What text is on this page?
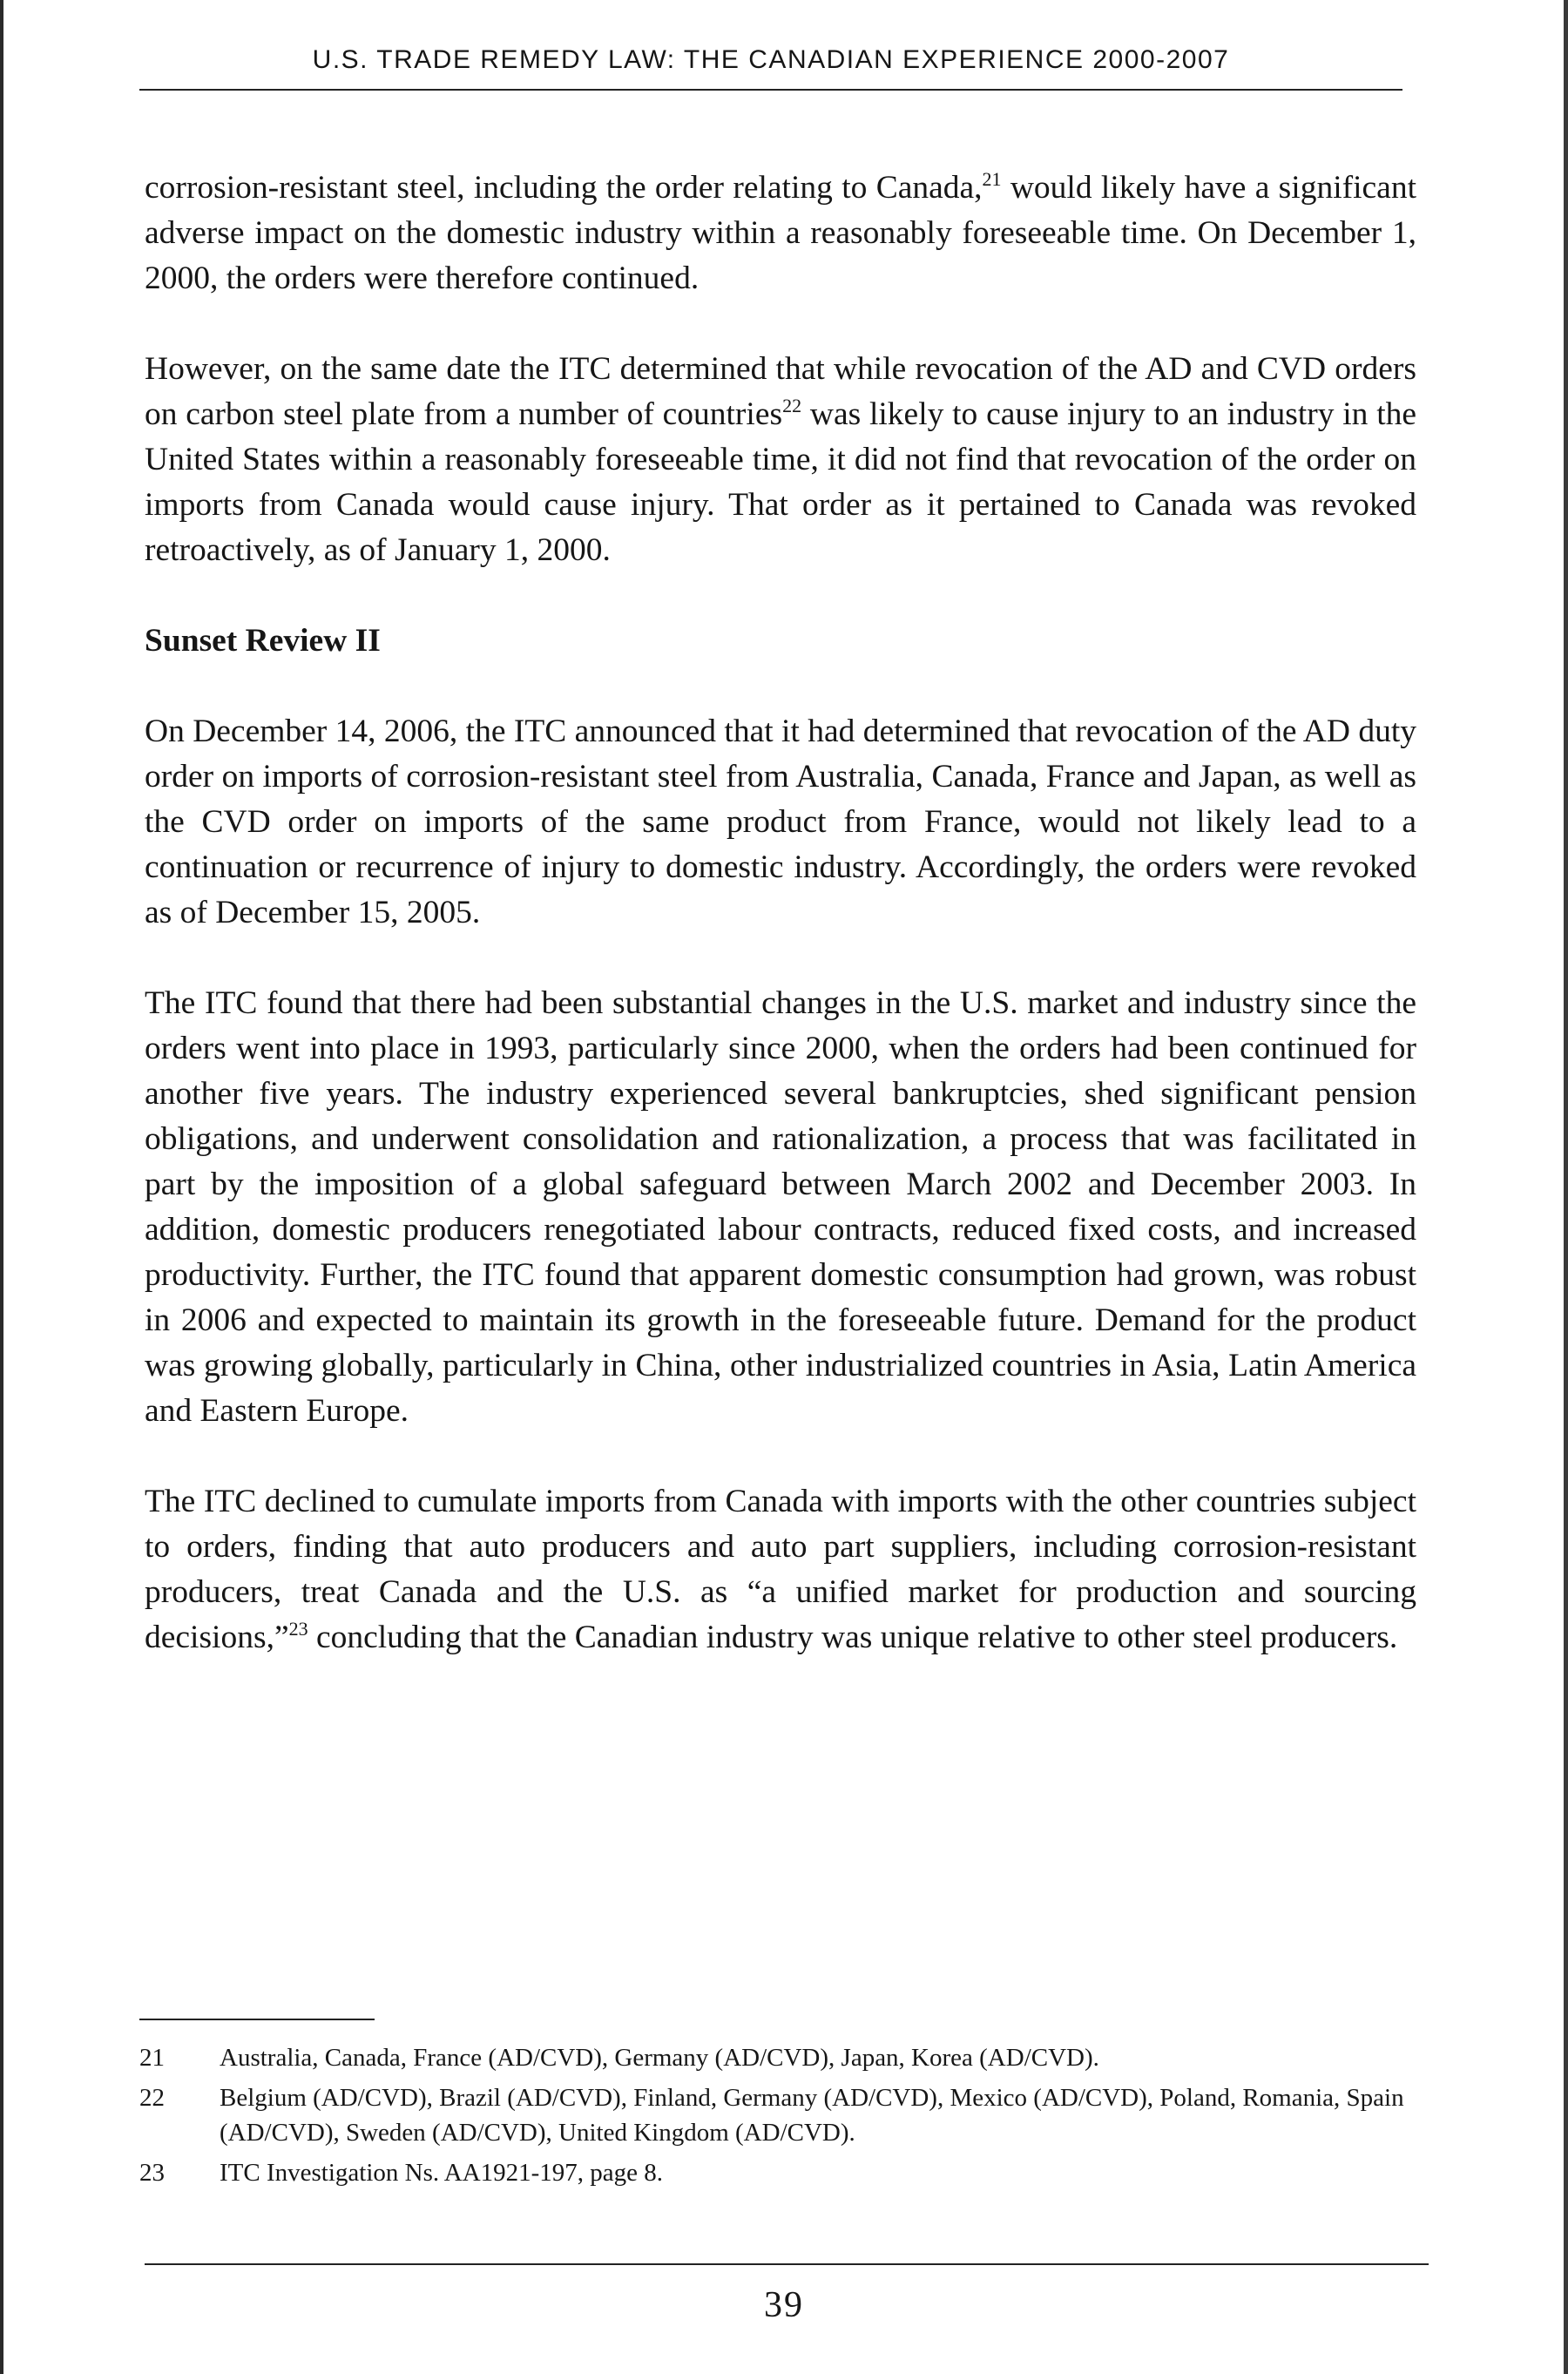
U.S. TRADE REMEDY LAW: THE CANADIAN EXPERIENCE 2000-2007

corrosion-resistant steel, including the order relating to Canada,$^{21}$ would likely have a significant adverse impact on the domestic industry within a reasonably foreseeable time. On December 1, 2000, the orders were therefore continued.

However, on the same date the ITC determined that while revocation of the AD and CVD orders on carbon steel plate from a number of countries$^{22}$ was likely to cause injury to an industry in the United States within a reasonably foreseeable time, it did not find that revocation of the order on imports from Canada would cause injury. That order as it pertained to Canada was revoked retroactively, as of January 1, 2000.

Sunset Review II

On December 14, 2006, the ITC announced that it had determined that revocation of the AD duty order on imports of corrosion-resistant steel from Australia, Canada, France and Japan, as well as the CVD order on imports of the same product from France, would not likely lead to a continuation or recurrence of injury to domestic industry. Accordingly, the orders were revoked as of December 15, 2005.

The ITC found that there had been substantial changes in the U.S. market and industry since the orders went into place in 1993, particularly since 2000, when the orders had been continued for another five years. The industry experienced several bankruptcies, shed significant pension obligations, and underwent consolidation and rationalization, a process that was facilitated in part by the imposition of a global safeguard between March 2002 and December 2003. In addition, domestic producers renegotiated labour contracts, reduced fixed costs, and increased productivity. Further, the ITC found that apparent domestic consumption had grown, was robust in 2006 and expected to maintain its growth in the foreseeable future. Demand for the product was growing globally, particularly in China, other industrialized countries in Asia, Latin America and Eastern Europe.

The ITC declined to cumulate imports from Canada with imports with the other countries subject to orders, finding that auto producers and auto part suppliers, including corrosion-resistant producers, treat Canada and the U.S. as “a unified market for production and sourcing decisions,”$^{23}$ concluding that the Canadian industry was unique relative to other steel producers.

21	Australia, Canada, France (AD/CVD), Germany (AD/CVD), Japan, Korea (AD/CVD).
22	Belgium (AD/CVD), Brazil (AD/CVD), Finland, Germany (AD/CVD), Mexico (AD/CVD), Poland, Romania, Spain (AD/CVD), Sweden (AD/CVD), United Kingdom (AD/CVD).
23	ITC Investigation Ns. AA1921-197, page 8.
39
